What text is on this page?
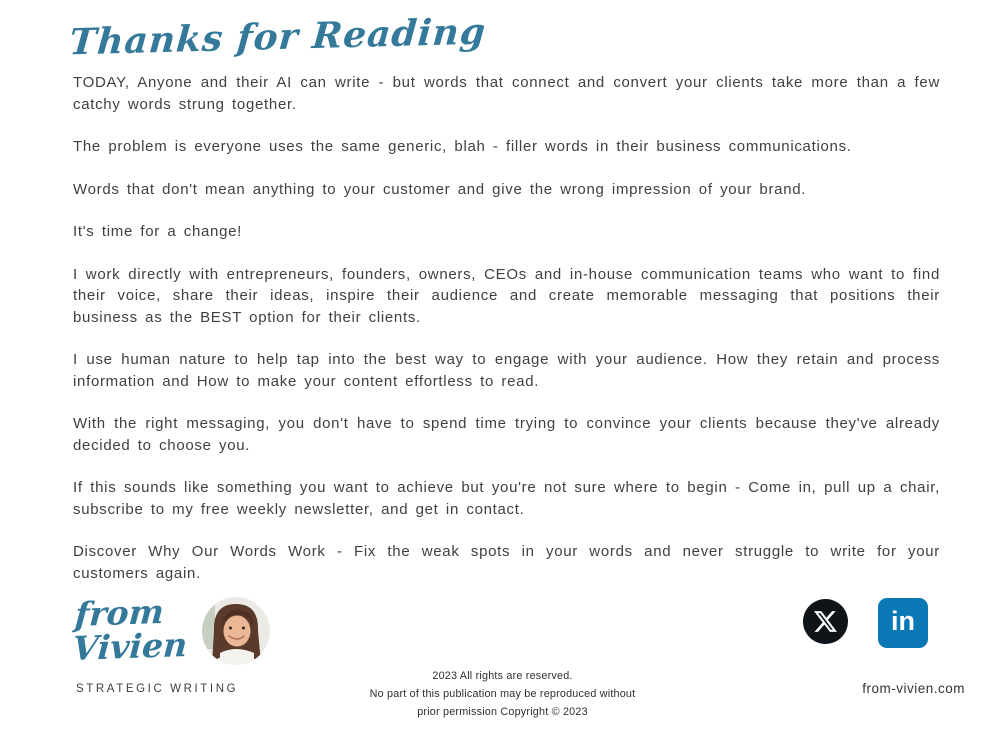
Thanks for Reading

TODAY, Anyone and their AI can write - but words that connect and convert your clients take more than a few catchy words strung together.

The problem is everyone uses the same generic, blah - filler words in their business communications.

Words that don't mean anything to your customer and give the wrong impression of your brand.

It's time for a change!

I work directly with entrepreneurs, founders, owners, CEOs and in-house communication teams who want to find their voice, share their ideas, inspire their audience and create memorable messaging that positions their business as the BEST option for their clients.

I use human nature to help tap into the best way to engage with your audience. How they retain and process information and How to make your content effortless to read.

With the right messaging, you don't have to spend time trying to convince your clients because they've already decided to choose you.

If this sounds like something you want to achieve but you're not sure where to begin - Come in, pull up a chair, subscribe to my free weekly newsletter, and get in contact.

Discover Why Our Words Work - Fix the weak spots in your words and never struggle to write for your customers again.

from
Vivien
STRATEGIC WRITING
2023 All rights are reserved.
No part of this publication may be reproduced without
prior permission Copyright © 2023
in
from-vivien.com
